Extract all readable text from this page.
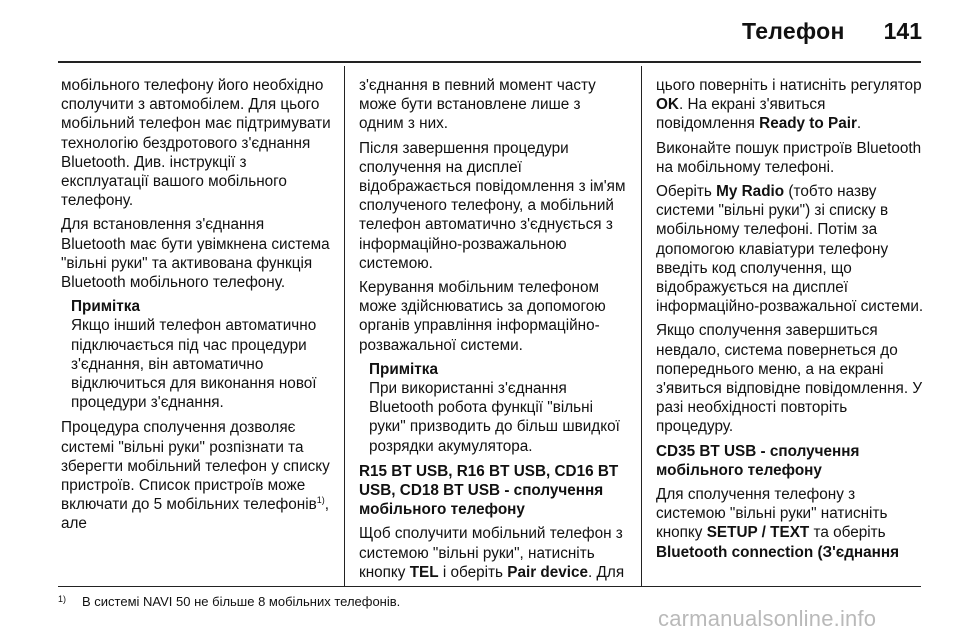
Телефон	141

мобільного телефону його необхідно сполучити з автомобілем. Для цього мобільний телефон має підтримувати технологію бездротового з'єднання Bluetooth. Див. інструкції з експлуатації вашого мобільного телефону.

Для встановлення з'єднання Bluetooth має бути увімкнена система "вільні руки" та активована функція Bluetooth мобільного телефону.

Примітка

Якщо інший телефон автоматично підключається під час процедури з'єднання, він автоматично відключиться для виконання нової процедури з'єднання.

Процедура сполучення дозволяє системі "вільні руки" розпізнати та зберегти мобільний телефон у списку пристроїв. Список пристроїв може включати до 5 мобільних телефонів$^{1)}$, але

з'єднання в певний момент часту може бути встановлене лише з одним з них.

Після завершення процедури сполучення на дисплеї відображається повідомлення з ім'ям сполученого телефону, а мобільний телефон автоматично з'єднується з інформаційно-розважальною системою.

Керування мобільним телефоном може здійснюватись за допомогою органів управління інформаційно-розважальної системи.

Примітка

При використанні з'єднання Bluetooth робота функції "вільні руки" призводить до більш швидкої розрядки акумулятора.

R15 BT USB, R16 BT USB, CD16 BT USB, CD18 BT USB - сполучення мобільного телефону

Щоб сполучити мобільний телефон з системою "вільні руки", натисніть кнопку TEL і оберіть Pair device. Для

цього поверніть і натисніть регулятор OK. На екрані з'явиться повідомлення Ready to Pair.

Виконайте пошук пристроїв Bluetooth на мобільному телефоні.

Оберіть My Radio (тобто назву системи "вільні руки") зі списку в мобільному телефоні. Потім за допомогою клавіатури телефону введіть код сполучення, що відображується на дисплеї інформаційно-розважальної системи.

Якщо сполучення завершиться невдало, система повернеться до попереднього меню, а на екрані з'явиться відповідне повідомлення. У разі необхідності повторіть процедуру.

CD35 BT USB - сполучення мобільного телефону

Для сполучення телефону з системою "вільні руки" натисніть кнопку SETUP / TEXT та оберіть Bluetooth connection (З'єднання

$^{1)}$ В системі NAVI 50 не більше 8 мобільних телефонів.
carmanualsonline.info
